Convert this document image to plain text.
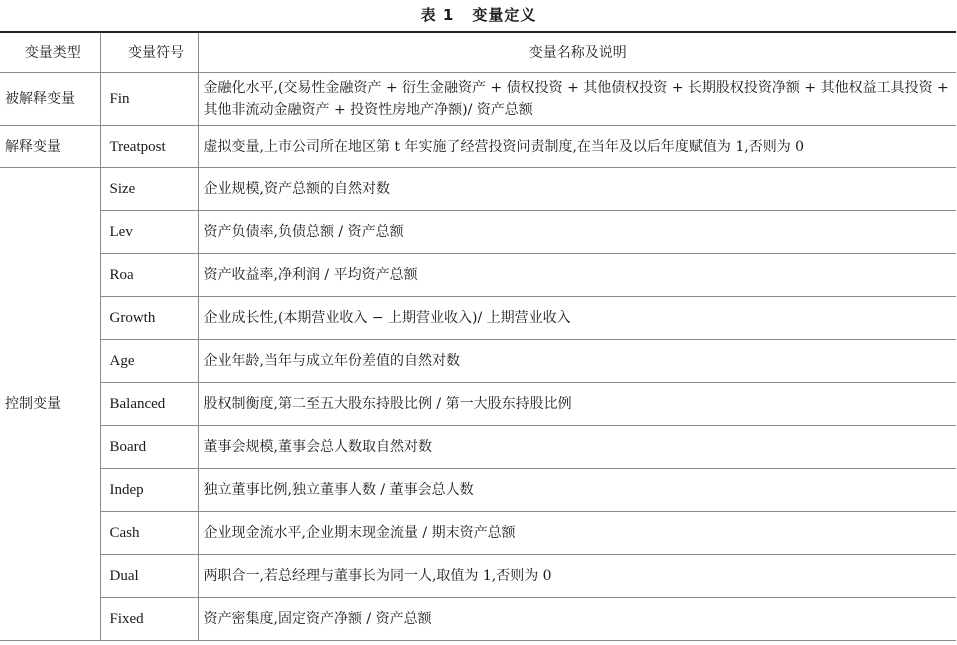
表 1 变量定义
变量类型	变量符号	变量名称及说明
被解释变量	Fin	金融化水平,(交易性金融资产 + 衍生金融资产 + 债权投资 + 其他债权投资 + 长期股权投资净额 + 其他权益工具投资 + 其他非流动金融资产 + 投资性房地产净额)/ 资产总额
解释变量	Treatpost	虚拟变量,上市公司所在地区第 t 年实施了经营投资问责制度,在当年及以后年度赋值为 1,否则为 0
控制变量	Size	企业规模,资产总额的自然对数
	Lev	资产负债率,负债总额 / 资产总额
	Roa	资产收益率,净利润 / 平均资产总额
	Growth	企业成长性,(本期营业收入 − 上期营业收入)/ 上期营业收入
	Age	企业年龄,当年与成立年份差值的自然对数
	Balanced	股权制衡度,第二至五大股东持股比例 / 第一大股东持股比例
	Board	董事会规模,董事会总人数取自然对数
	Indep	独立董事比例,独立董事人数 / 董事会总人数
	Cash	企业现金流水平,企业期末现金流量 / 期末资产总额
	Dual	两职合一,若总经理与董事长为同一人,取值为 1,否则为 0
	Fixed	资产密集度,固定资产净额 / 资产总额
